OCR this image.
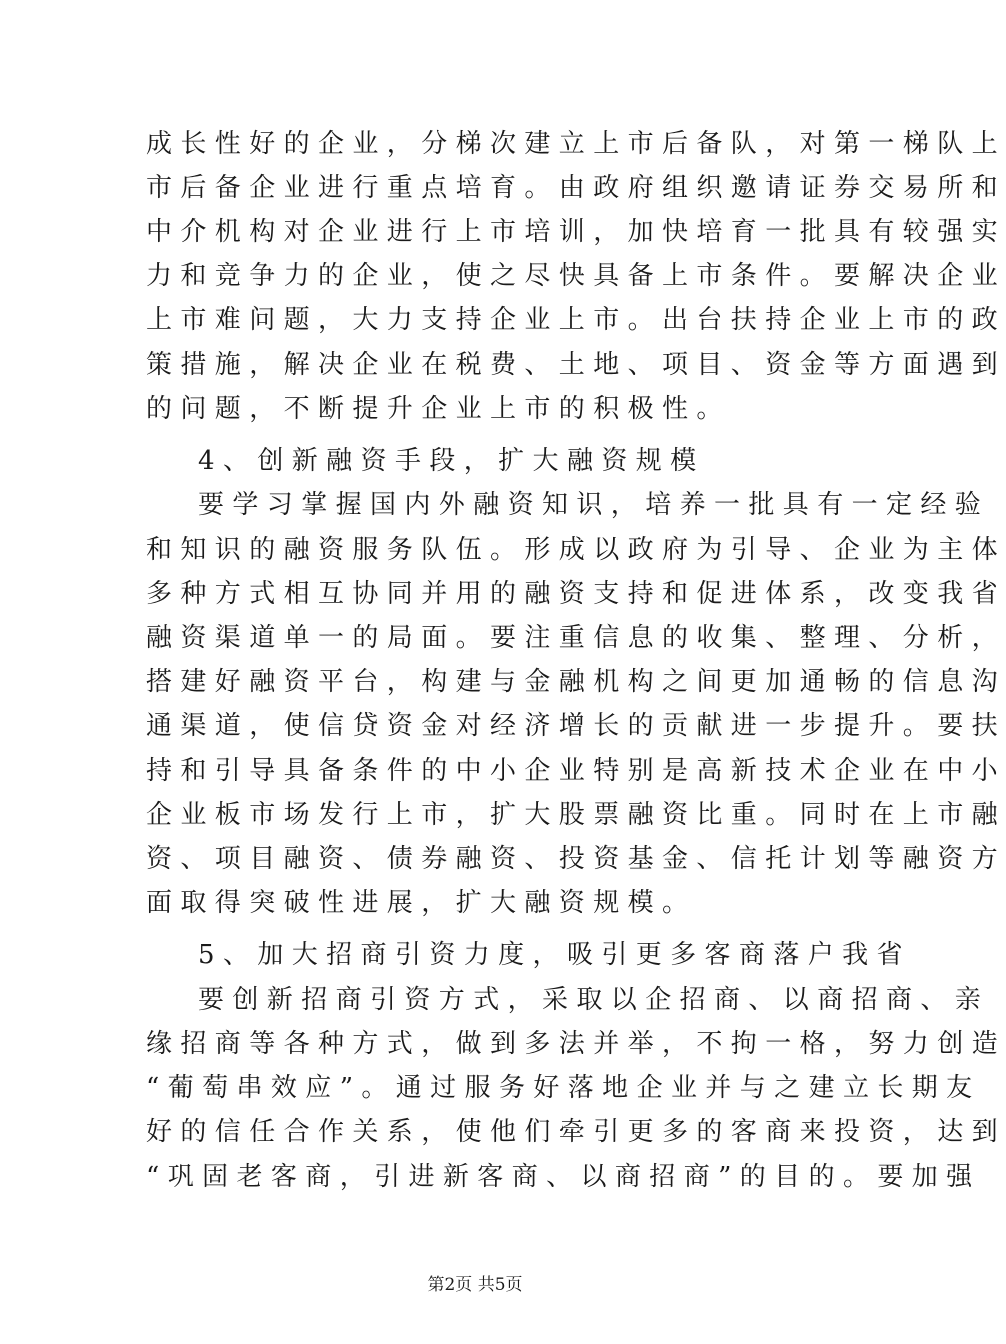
成长性好的企业，分梯次建立上市后备队，对第一梯队上
市后备企业进行重点培育。由政府组织邀请证券交易所和
中介机构对企业进行上市培训，加快培育一批具有较强实
力和竞争力的企业，使之尽快具备上市条件。要解决企业
上市难问题，大力支持企业上市。出台扶持企业上市的政
策措施，解决企业在税费、土地、项目、资金等方面遇到
的问题，不断提升企业上市的积极性。
4、创新融资手段，扩大融资规模
要学习掌握国内外融资知识，培养一批具有一定经验
和知识的融资服务队伍。形成以政府为引导、企业为主体
多种方式相互协同并用的融资支持和促进体系，改变我省
融资渠道单一的局面。要注重信息的收集、整理、分析，
搭建好融资平台，构建与金融机构之间更加通畅的信息沟
通渠道，使信贷资金对经济增长的贡献进一步提升。要扶
持和引导具备条件的中小企业特别是高新技术企业在中小
企业板市场发行上市，扩大股票融资比重。同时在上市融
资、项目融资、债券融资、投资基金、信托计划等融资方
面取得突破性进展，扩大融资规模。
5、加大招商引资力度，吸引更多客商落户我省
要创新招商引资方式，采取以企招商、以商招商、亲
缘招商等各种方式，做到多法并举，不拘一格，努力创造
“葡萄串效应”。通过服务好落地企业并与之建立长期友
好的信任合作关系，使他们牵引更多的客商来投资，达到
“巩固老客商，引进新客商、以商招商”的目的。要加强
第2页 共5页
